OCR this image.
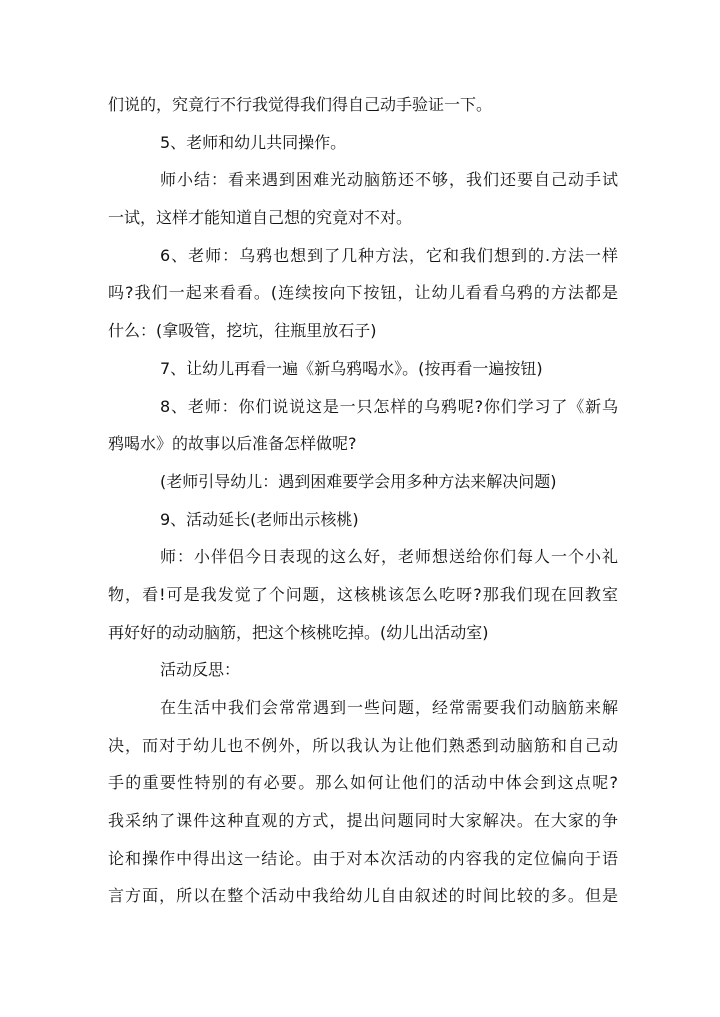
们说的，究竟行不行我觉得我们得自己动手验证一下。
5、老师和幼儿共同操作。
师小结：看来遇到困难光动脑筋还不够，我们还要自己动手试
一试，这样才能知道自己想的究竟对不对。
6、老师：乌鸦也想到了几种方法，它和我们想到的.方法一样
吗?我们一起来看看。(连续按向下按钮，让幼儿看看乌鸦的方法都是
什么：(拿吸管，挖坑，往瓶里放石子)
7、让幼儿再看一遍《新乌鸦喝水》。(按再看一遍按钮)
8、老师：你们说说这是一只怎样的乌鸦呢?你们学习了《新乌
鸦喝水》的故事以后准备怎样做呢?
(老师引导幼儿：遇到困难要学会用多种方法来解决问题)
9、活动延长(老师出示核桃)
师：小伴侣今日表现的这么好，老师想送给你们每人一个小礼
物，看!可是我发觉了个问题，这核桃该怎么吃呀?那我们现在回教室
再好好的动动脑筋，把这个核桃吃掉。(幼儿出活动室)
活动反思：
在生活中我们会常常遇到一些问题，经常需要我们动脑筋来解
决，而对于幼儿也不例外，所以我认为让他们熟悉到动脑筋和自己动
手的重要性特别的有必要。那么如何让他们的活动中体会到这点呢?
我采纳了课件这种直观的方式，提出问题同时大家解决。在大家的争
论和操作中得出这一结论。由于对本次活动的内容我的定位偏向于语
言方面，所以在整个活动中我给幼儿自由叙述的时间比较的多。但是
